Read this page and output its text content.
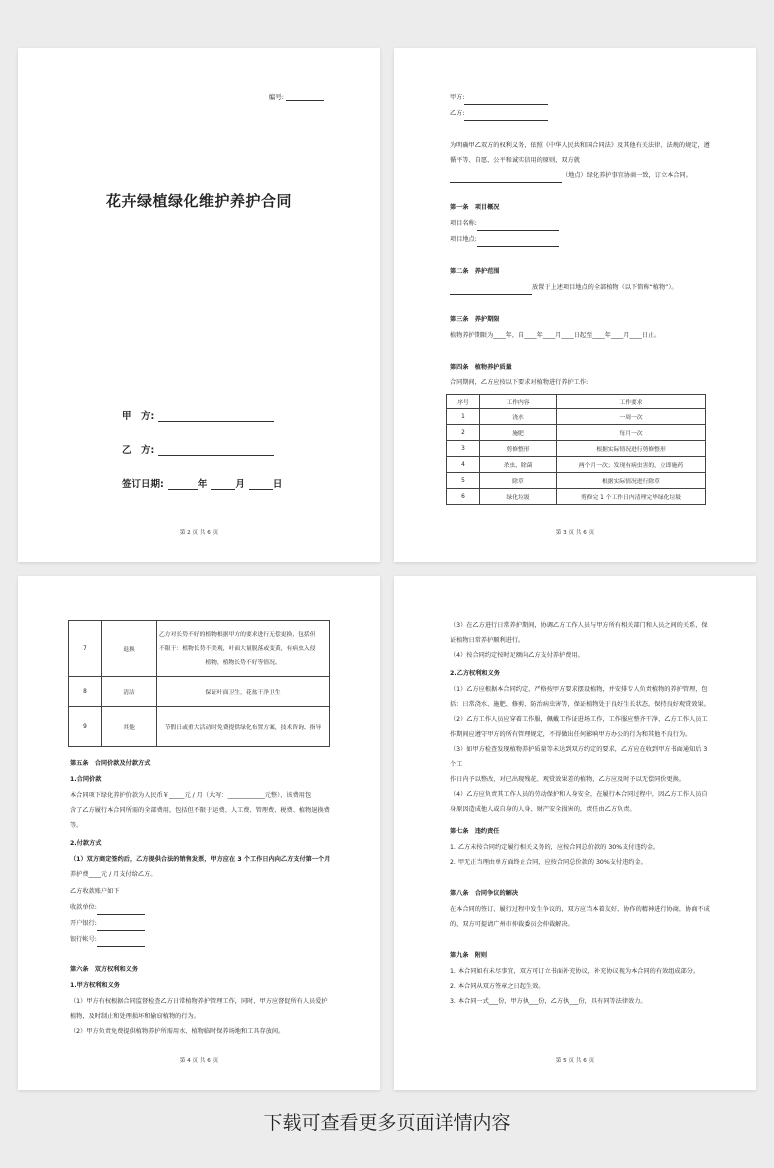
编号:
花卉绿植绿化维护养护合同
甲　方:
乙　方:
签订日期:	年	月	日
第 2 页 共 6 页
甲方:
乙方:
为明确甲乙双方的权利义务，依照《中华人民共和国合同法》及其他有关法律、法规的规定，遵
循平等、自愿、公平和诚实信用的原则，双方就
（地点）绿化养护事宜协商一致，订立本合同。
第一条　项目概况
项目名称:
项目地点:
第二条　养护范围
放置于上述项目地点的全部植物（以下简称“植物”）。
第三条　养护期限
植物养护期限为____年，自____年____月____日起至____年____月____日止。
第四条　植物养护质量
合同期间，乙方应按以下要求对植物进行养护工作:
序号	工作内容	工作要求
1	浇水	一周一次
2	施肥	每月一次
3	剪修整形	根据实际情况进行剪修整形
4	杀虫、除菌	两个月一次；发现有病虫害的，立即施药
5	除草	根据实际情况进行除草
6	绿化垃圾	剪修完 1 个工作日内清理完毕绿化垃圾
第 3 页 共 6 页
7	退换	乙方对长势不好的植物根据甲方的要求进行无偿更换，包括但
不限于：植物长势不美观，叶面大量脱落或变黄，有病虫入侵
植物，植物长势不好等情况。

8	清洁	保证叶面卫生，花盆干净卫生
9	其他	节假日或重大活动时免费提供绿化布置方案，技术咨询、指导
第五条　合同价款及付款方式
1.合同价款
本合同项下绿化养护价款为人民币￥_____元 / 月（大写：____________元整），该费用包
含了乙方履行本合同所需的全部费用，包括但不限于运费、人工费、管理费、税费、植物退换费
等。
2.付款方式
（1）双方商定签约后，乙方提供合法的销售发票，甲方应在 3 个工作日内向乙方支付第一个月
养护费____元 / 月支付给乙方。
乙方收款账户如下
收款单位:
开户银行:
银行帐号:
第六条　双方权利和义务
1.甲方权利和义务
（1）甲方有权根据合同监督检查乙方日常植物养护管理工作，同时，甲方应督促所有人员爱护
植物，及时制止和处理损坏和偷窃植物的行为。
（2）甲方负责免费提供植物养护所需用水、植物临时保养场地和工具存放间。
第 4 页 共 6 页
（3）在乙方进行日常养护期间，协调乙方工作人员与甲方所有相关部门和人员之间的关系，保
证植物日常养护顺利进行。
（4）按合同约定按时足额向乙方支付养护费用。
2.乙方权利和义务
（1）乙方应根据本合同约定，严格按甲方要求摆设植物，并安排专人负责植物的养护管理，包
括：日常浇水、施肥、修剪、防治病虫害等，保证植物处于良好生长状态，保持良好观赏效果。
（2）乙方工作人员应穿着工作服，佩戴工作证进场工作，工作服应整齐干净，乙方工作人员工
作期间应遵守甲方的所有管理规定，不得做出任何影响甲方办公的行为和其他不良行为。
（3）如甲方检查发现植物养护质量等未达到双方约定的要求，乙方应在收到甲方书面通知后 3 个工
作日内予以整改，对已出现残花、观赏效果差的植物，乙方应及时予以无偿同价更换。
（4）乙方应负责其工作人员的劳动保护和人身安全，在履行本合同过程中，因乙方工作人员自
身原因造成他人或自身的人身、财产安全损害的，责任由乙方负责。
第七条　违约责任
1. 乙方未按合同约定履行相关义务的，应按合同总价款的 30%支付违约金。
2. 甲无正当理由单方面终止合同，应按合同总价款的 30%支付违约金。
第八条　合同争议的解决
在本合同的签订、履行过程中发生争议的，双方应当本着友好、协作的精神进行协商，协商不成
的，双方可提请广州市仲裁委员会仲裁解决。
第九条　附则
1. 本合同如有未尽事宜，双方可订立书面补充协议，补充协议视为本合同的有效组成部分。
2. 本合同从双方签章之日起生效。
3. 本合同一式___份，甲方执___份，乙方执___份，具有同等法律效力。
第 5 页 共 6 页
下载可查看更多页面详情内容
